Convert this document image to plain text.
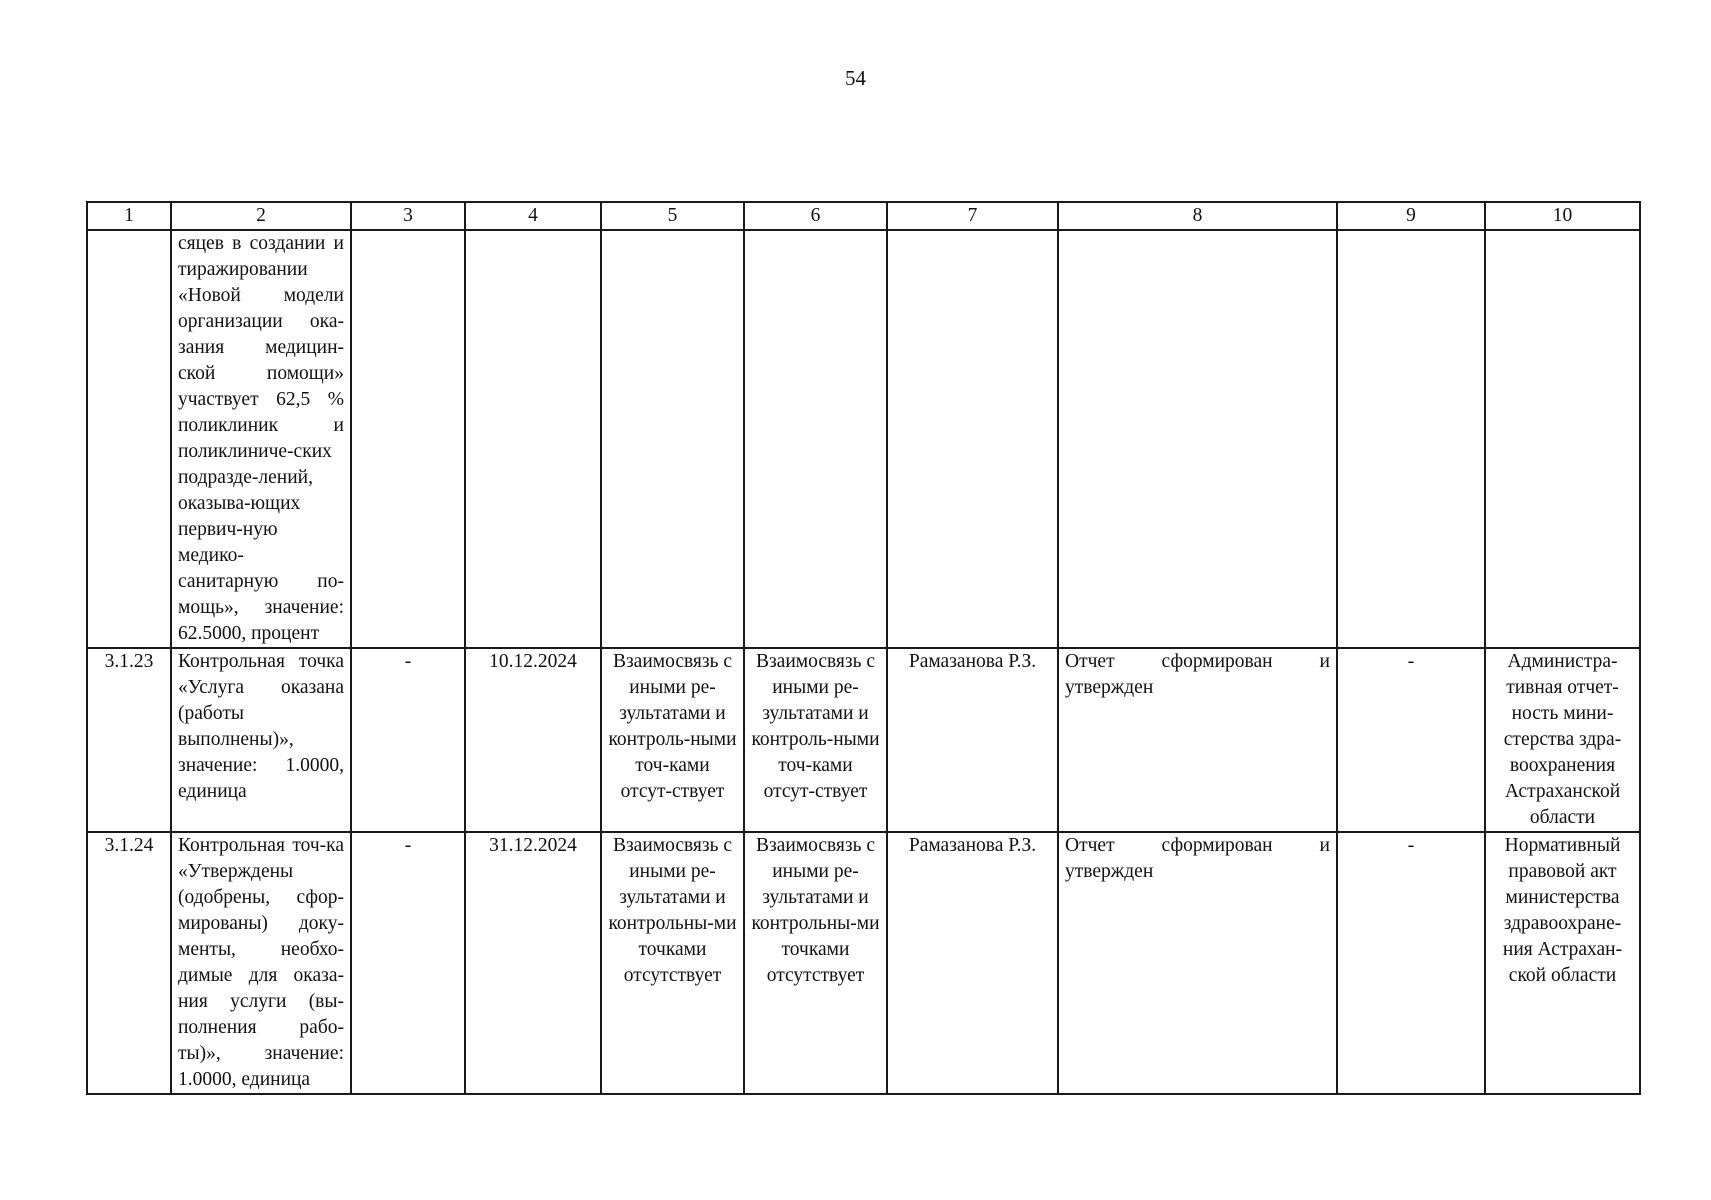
54
1	2	3	4	5	6	7	8	9	10

	сяцев в создании и тиражировании «Новой модели организации ока-зания медицин-ской помощи» участвует 62,5 % поликлиник и поликлиниче-ских подразде-лений, оказыва-ющих первич-ную медико-санитарную по-мощь», значение: 62.5000, процент								

3.1.23	Контрольная точка «Услуга оказана (работы выполнены)», значение: 1.0000, единица	-	10.12.2024	Взаимосвязь с иными ре-зультатами и контроль-ными точ-ками отсут-ствует	Взаимосвязь с иными ре-зультатами и контроль-ными точ-ками отсут-ствует	Рамазанова Р.З.	Отчет сформирован и утвержден	-	Администра-тивная отчет-ность мини-стерства здра-воохранения Астраханской области
3.1.24	Контрольная точ-ка «Утверждены (одобрены, сфор-мированы) доку-менты, необхо-димые для оказа-ния услуги (вы-полнения рабо-ты)», значение: 1.0000, единица	-	31.12.2024	Взаимосвязь с иными ре-зультатами и контрольны-ми точками отсутствует	Взаимосвязь с иными ре-зультатами и контрольны-ми точками отсутствует	Рамазанова Р.З.	Отчет сформирован и утвержден	-	Нормативный правовой акт министерства здравоохране-ния Астрахан-ской области
